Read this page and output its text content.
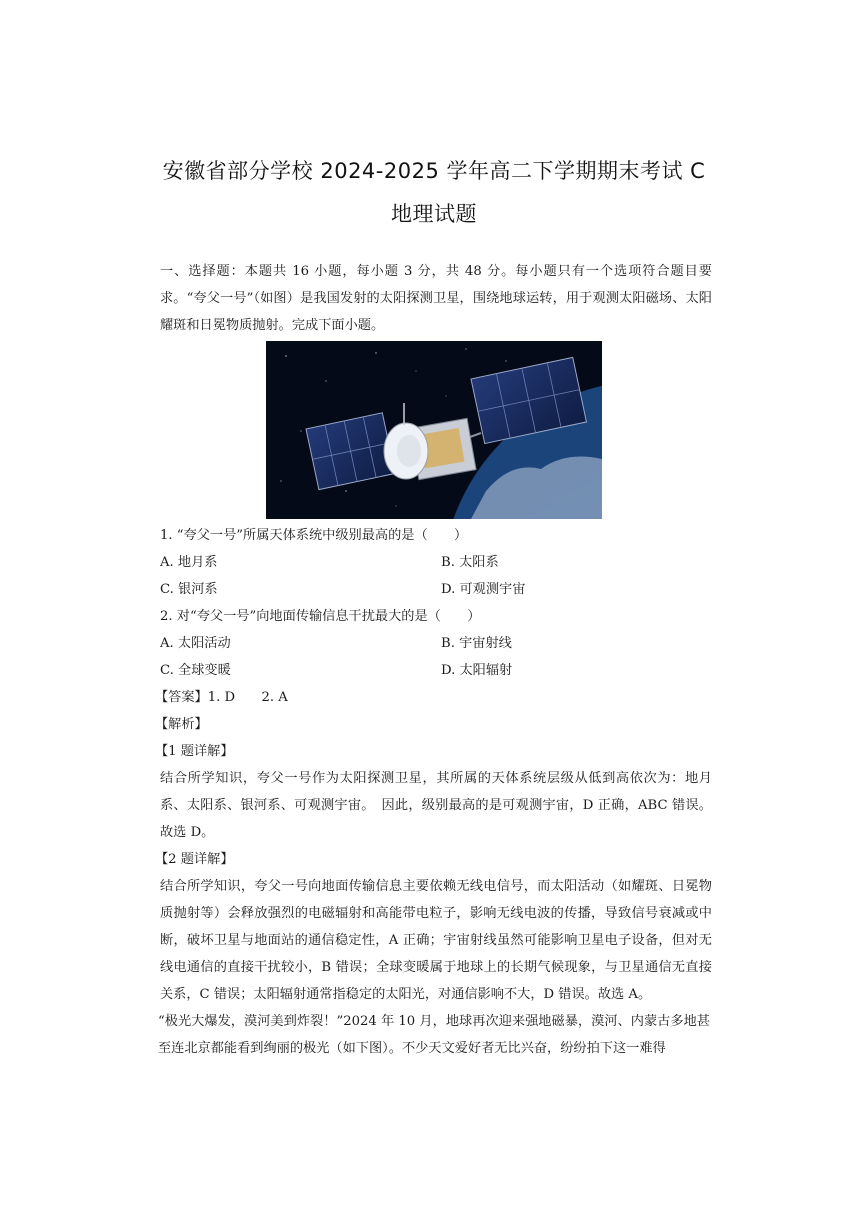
安徽省部分学校 2024-2025 学年高二下学期期末考试 C
地理试题
一、选择题：本题共 16 小题，每小题 3 分，共 48 分。每小题只有一个选项符合题目要求。“夸父一号”（如图）是我国发射的太阳探测卫星，围绕地球运转，用于观测太阳磁场、太阳耀斑和日冕物质抛射。完成下面小题。
1. “夸父一号”所属天体系统中级别最高的是（　　）
A. 地月系	B. 太阳系
C. 银河系	D. 可观测宇宙
2. 对“夸父一号”向地面传输信息干扰最大的是（　　）
A. 太阳活动	B. 宇宙射线
C. 全球变暖	D. 太阳辐射
【答案】1. D　　2. A
【解析】
【1 题详解】
结合所学知识，夸父一号作为太阳探测卫星，其所属的天体系统层级从低到高依次为：地月系、太阳系、银河系、可观测宇宙。　因此，级别最高的是可观测宇宙，D 正确，ABC 错误。故选 D。
【2 题详解】
结合所学知识，夸父一号向地面传输信息主要依赖无线电信号，而太阳活动（如耀斑、日冕物质抛射等）会释放强烈的电磁辐射和高能带电粒子，影响无线电波的传播，导致信号衰减或中断，破坏卫星与地面站的通信稳定性，A 正确；宇宙射线虽然可能影响卫星电子设备，但对无线电通信的直接干扰较小，B 错误；全球变暖属于地球上的长期气候现象，与卫星通信无直接关系，C 错误；太阳辐射通常指稳定的太阳光，对通信影响不大，D 错误。故选 A。
“极光大爆发，漠河美到炸裂！”2024 年 10 月，地球再次迎来强地磁暴，漠河、内蒙古多地甚至连北京都能看到绚丽的极光（如下图）。不少天文爱好者无比兴奋，纷纷拍下这一难得
